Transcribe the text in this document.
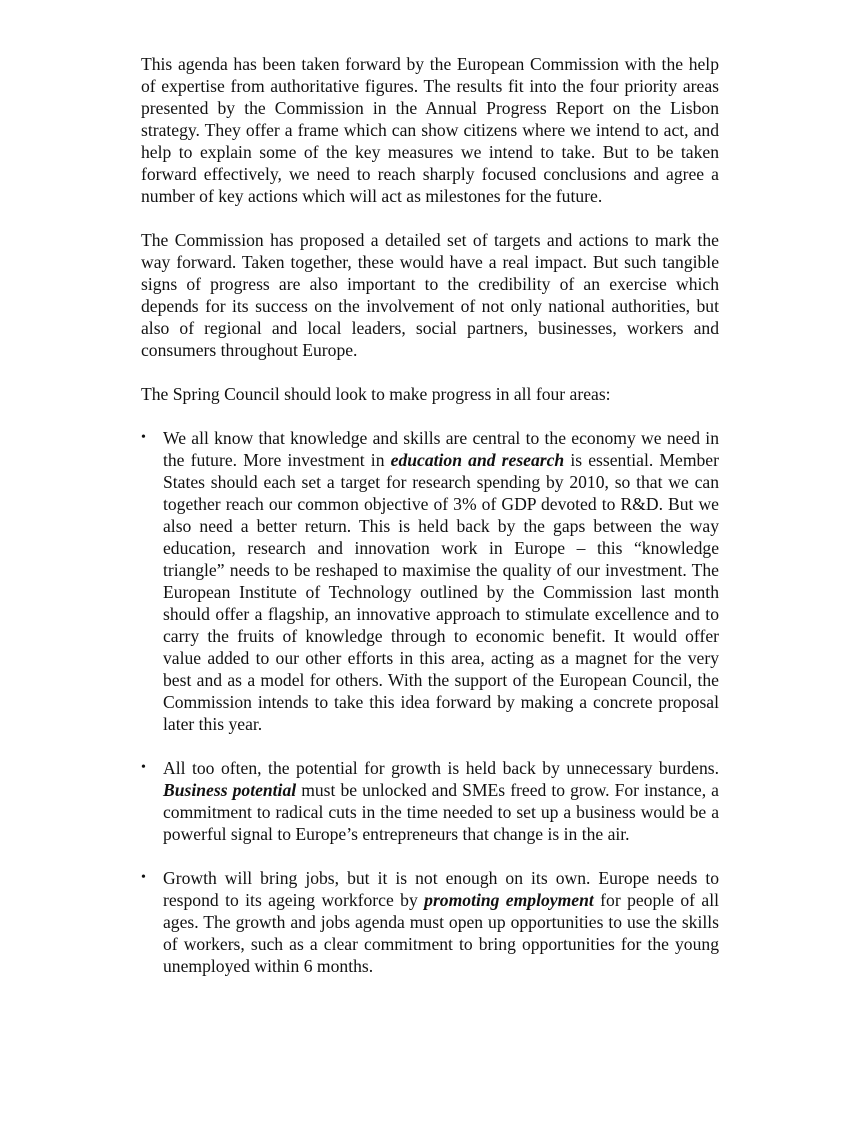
This agenda has been taken forward by the European Commission with the help of expertise from authoritative figures. The results fit into the four priority areas presented by the Commission in the Annual Progress Report on the Lisbon strategy. They offer a frame which can show citizens where we intend to act, and help to explain some of the key measures we intend to take. But to be taken forward effectively, we need to reach sharply focused conclusions and agree a number of key actions which will act as milestones for the future.

The Commission has proposed a detailed set of targets and actions to mark the way forward. Taken together, these would have a real impact. But such tangible signs of progress are also important to the credibility of an exercise which depends for its success on the involvement of not only national authorities, but also of regional and local leaders, social partners, businesses, workers and consumers throughout Europe.

The Spring Council should look to make progress in all four areas:

• We all know that knowledge and skills are central to the economy we need in the future. More investment in education and research is essential. Member States should each set a target for research spending by 2010, so that we can together reach our common objective of 3% of GDP devoted to R&D. But we also need a better return. This is held back by the gaps between the way education, research and innovation work in Europe – this “knowledge triangle” needs to be reshaped to maximise the quality of our investment. The European Institute of Technology outlined by the Commission last month should offer a flagship, an innovative approach to stimulate excellence and to carry the fruits of knowledge through to economic benefit. It would offer value added to our other efforts in this area, acting as a magnet for the very best and as a model for others. With the support of the European Council, the Commission intends to take this idea forward by making a concrete proposal later this year.
• All too often, the potential for growth is held back by unnecessary burdens. Business potential must be unlocked and SMEs freed to grow. For instance, a commitment to radical cuts in the time needed to set up a business would be a powerful signal to Europe’s entrepreneurs that change is in the air.
• Growth will bring jobs, but it is not enough on its own. Europe needs to respond to its ageing workforce by promoting employment for people of all ages. The growth and jobs agenda must open up opportunities to use the skills of workers, such as a clear commitment to bring opportunities for the young unemployed within 6 months.
